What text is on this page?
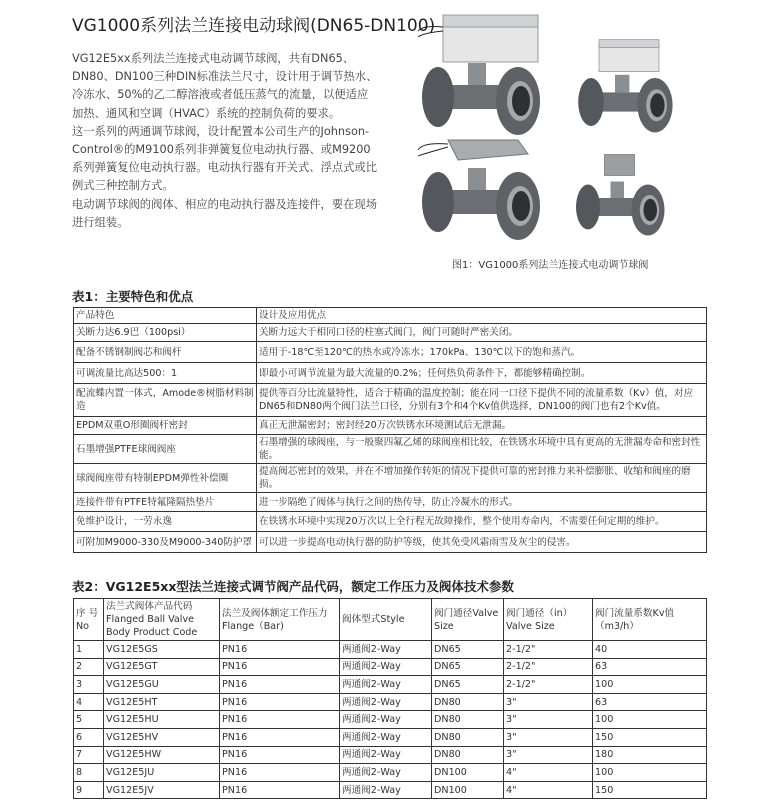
VG1000系列法兰连接电动球阀(DN65-DN100)

VG12E5xx系列法兰连接式电动调节球阀，共有DN65、DN80、DN100三种DIN标准法兰尺寸，设计用于调节热水、冷冻水、50%的乙二醇溶液或者低压蒸气的流量，以便适应加热、通风和空调（HVAC）系统的控制负荷的要求。

这一系列的两通调节球阀，设计配置本公司生产的Johnson-Control®的M9100系列非弹簧复位电动执行器、或M9200系列弹簧复位电动执行器。电动执行器有开关式、浮点式或比例式三种控制方式。

电动调节球阀的阀体、相应的电动执行器及连接件，要在现场进行组装。

图1：VG1000系列法兰连接式电动调节球阀
表1：主要特色和优点
产品特色	设计及应用优点
关断力达6.9巴（100psi）	关断力远大于相同口径的柱塞式阀门，阀门可随时严密关闭。
配备不锈钢制阀芯和阀杆	适用于-18℃至120℃的热水或冷冻水；170kPa、130℃以下的饱和蒸汽。
可调流量比高达500：1	即最小可调节流量为最大流量的0.2%；任何热负荷条件下，都能够精确控制。
配流蝶内置一体式，Amode®树脂材料制造	提供等百分比流量特性，适合于精确的温度控制；能在同一口径下提供不同的流量系数（Kv）值，对应DN65和DN80两个阀门法兰口径，分别有3个和4个Kv值供选择，DN100的阀门也有2个Kv值。
EPDM双重O形圈阀杆密封	真正无泄漏密封；密封经20万次铁锈水环境测试后无泄漏。
石墨增强PTFE球阀阀座	石墨增强的球阀座，与一般聚四氟乙烯的球阀座相比较，在铁锈水环境中具有更高的无泄漏寿命和密封性能。
球阀阀座带有特制EPDM弹性补偿圈	提高阀芯密封的效果，并在不增加操作转矩的情况下提供可靠的密封推力来补偿膨胀、收缩和阀座的磨损。
连接件带有PTFE特氟隆隔热垫片	进一步隔绝了阀体与执行之间的热传导，防止冷凝水的形式。
免维护设计，一劳永逸	在铁锈水环境中实现20万次以上全行程无故障操作，整个使用寿命内，不需要任何定期的维护。
可附加M9000-330及M9000-340防护罩	可以进一步提高电动执行器的防护等级，使其免受风霜雨雪及灰尘的侵害。
表2：VG12E5xx型法兰连接式调节阀产品代码，额定工作压力及阀体技术参数
序 号No	法兰式阀体产品代码 Flanged Ball Valve Body Product Code	法兰及阀体额定工作压力Flange（Bar)	阀体型式Style	阀门通径Valve Size	阀门通径（in）Valve Size	阀门流量系数Kv值（m3/h）
1	VG12E5GS	PN16	两通阀2-Way	DN65	2-1/2"	40
2	VG12E5GT	PN16	两通阀2-Way	DN65	2-1/2"	63
3	VG12E5GU	PN16	两通阀2-Way	DN65	2-1/2"	100
4	VG12E5HT	PN16	两通阀2-Way	DN80	3"	63
5	VG12E5HU	PN16	两通阀2-Way	DN80	3"	100
6	VG12E5HV	PN16	两通阀2-Way	DN80	3"	150
7	VG12E5HW	PN16	两通阀2-Way	DN80	3"	180
8	VG12E5JU	PN16	两通阀2-Way	DN100	4"	100
9	VG12E5JV	PN16	两通阀2-Way	DN100	4"	150
